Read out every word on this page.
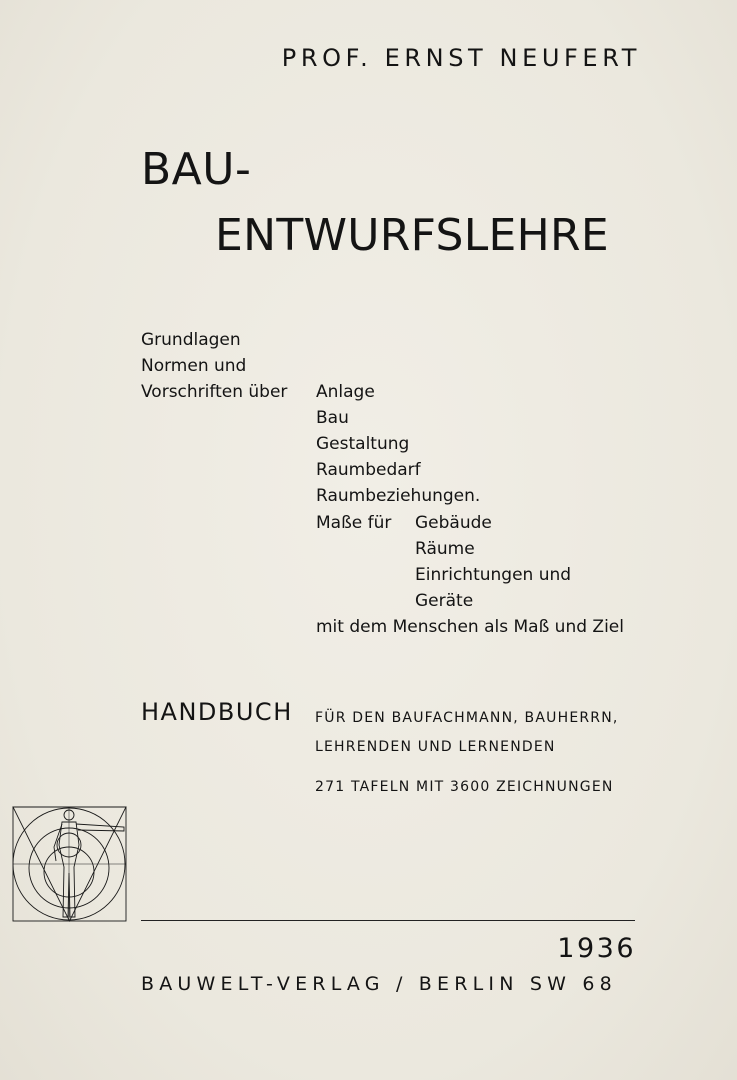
PROF. ERNST NEUFERT
BAU-
ENTWURFSLEHRE
Grundlagen
Normen und
Vorschriften über Anlage
Bau
Gestaltung
Raumbedarf
Raumbeziehungen.
Maße für Gebäude
Räume
Einrichtungen und
Geräte
mit dem Menschen als Maß und Ziel
HANDBUCH FÜR DEN BAUFACHMANN, BAUHERRN,
LEHRENDEN UND LERNENDEN
271 TAFELN MIT 3600 ZEICHNUNGEN
1936
BAUWELT-VERLAG / BERLIN SW 68
